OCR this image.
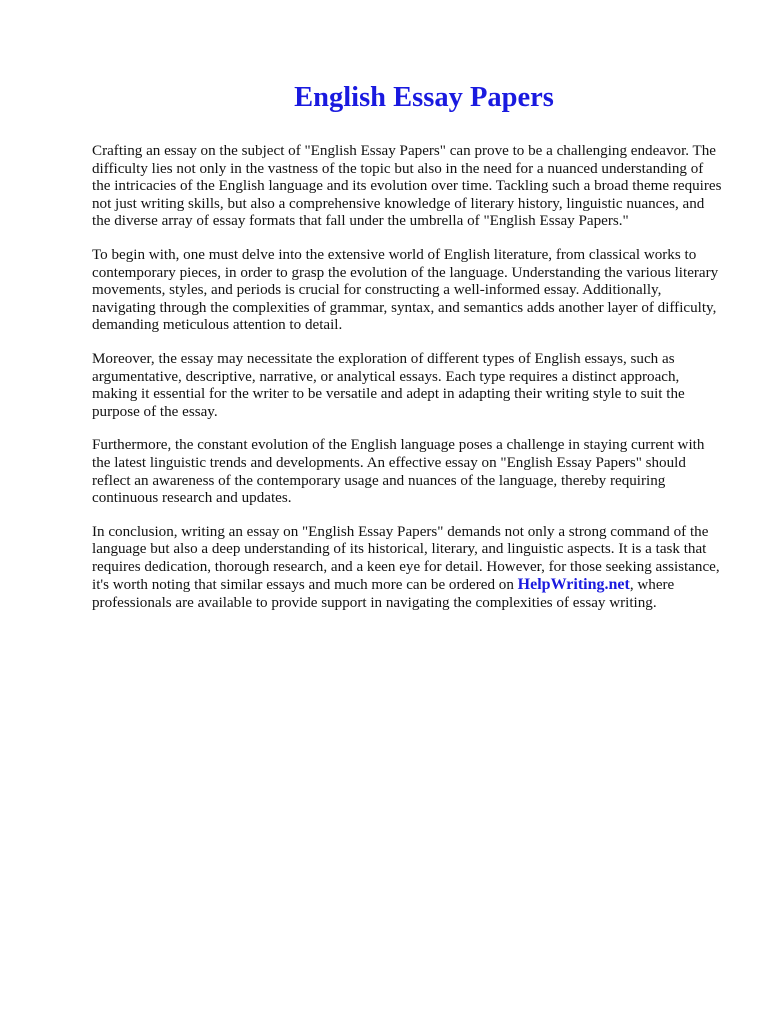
English Essay Papers

Crafting an essay on the subject of "English Essay Papers" can prove to be a challenging endeavor. The difficulty lies not only in the vastness of the topic but also in the need for a nuanced understanding of the intricacies of the English language and its evolution over time. Tackling such a broad theme requires not just writing skills, but also a comprehensive knowledge of literary history, linguistic nuances, and the diverse array of essay formats that fall under the umbrella of "English Essay Papers."

To begin with, one must delve into the extensive world of English literature, from classical works to contemporary pieces, in order to grasp the evolution of the language. Understanding the various literary movements, styles, and periods is crucial for constructing a well-informed essay. Additionally, navigating through the complexities of grammar, syntax, and semantics adds another layer of difficulty, demanding meticulous attention to detail.

Moreover, the essay may necessitate the exploration of different types of English essays, such as argumentative, descriptive, narrative, or analytical essays. Each type requires a distinct approach, making it essential for the writer to be versatile and adept in adapting their writing style to suit the purpose of the essay.

Furthermore, the constant evolution of the English language poses a challenge in staying current with the latest linguistic trends and developments. An effective essay on "English Essay Papers" should reflect an awareness of the contemporary usage and nuances of the language, thereby requiring continuous research and updates.

In conclusion, writing an essay on "English Essay Papers" demands not only a strong command of the language but also a deep understanding of its historical, literary, and linguistic aspects. It is a task that requires dedication, thorough research, and a keen eye for detail. However, for those seeking assistance, it's worth noting that similar essays and much more can be ordered on HelpWriting.net, where professionals are available to provide support in navigating the complexities of essay writing.
